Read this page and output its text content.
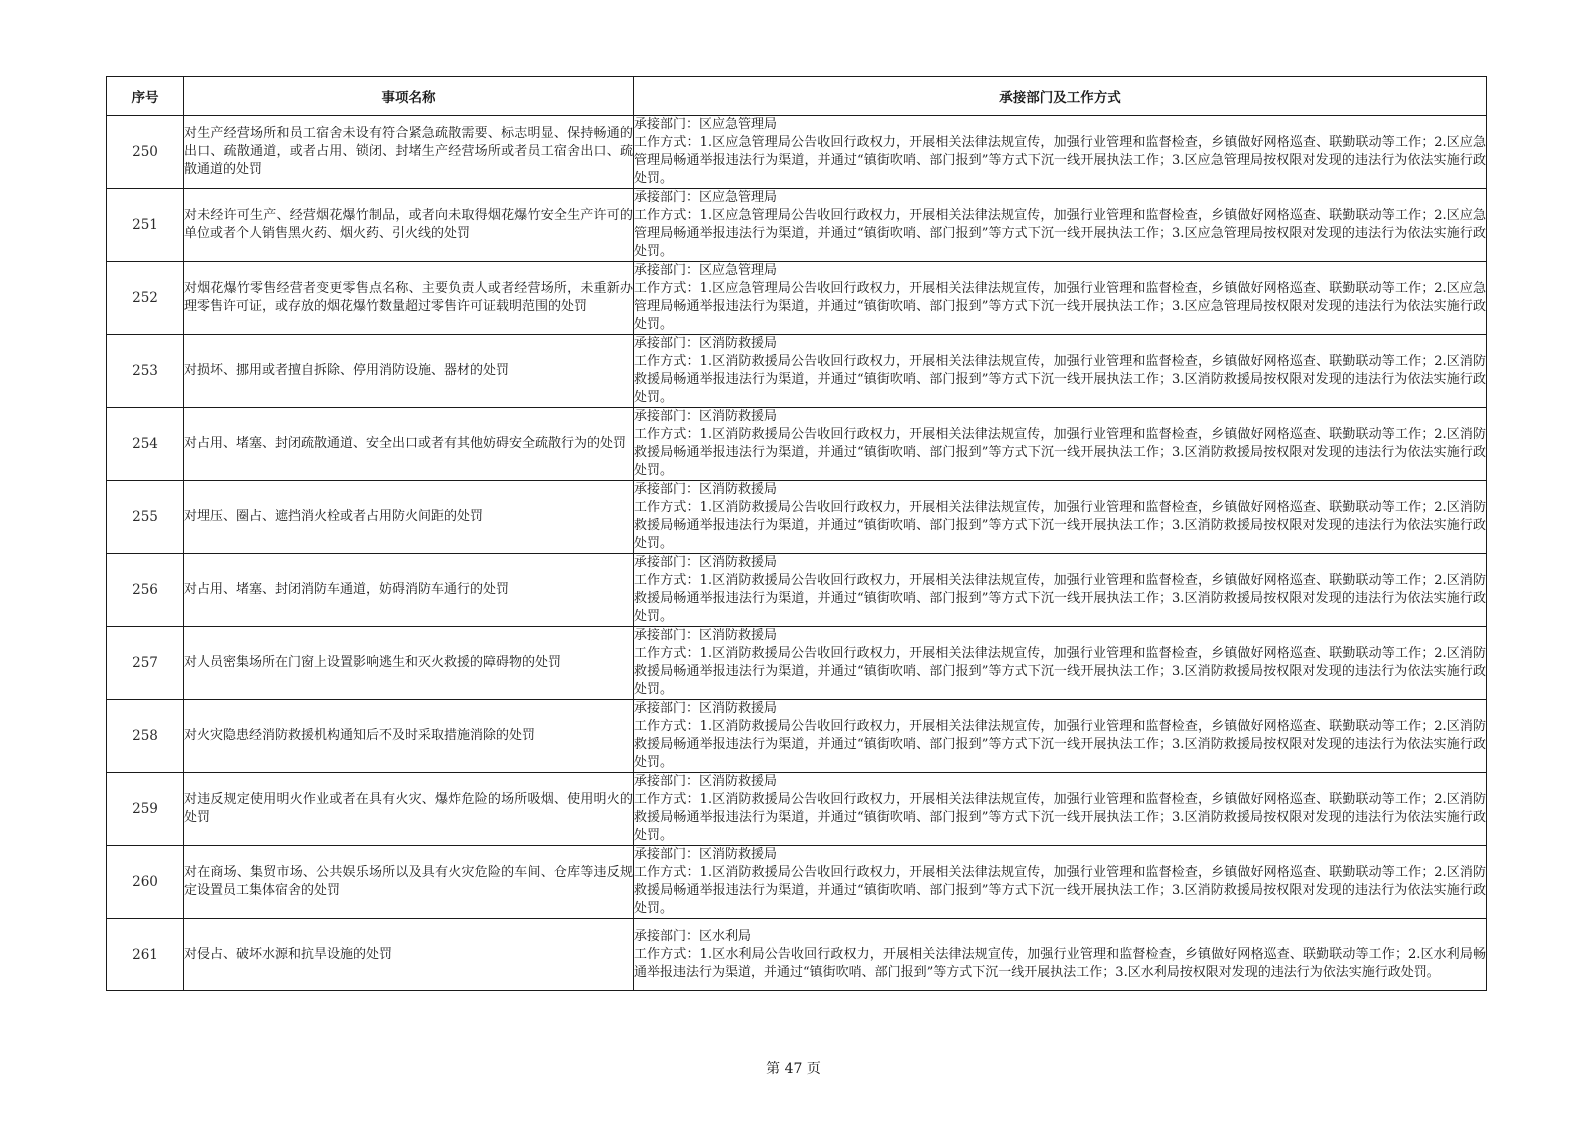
序号	事项名称	承接部门及工作方式
250	对生产经营场所和员工宿舍未设有符合紧急疏散需要、标志明显、保持畅通的出口、疏散通道，或者占用、锁闭、封堵生产经营场所或者员工宿舍出口、疏散通道的处罚	承接部门：区应急管理局
工作方式：1.区应急管理局公告收回行政权力，开展相关法律法规宣传，加强行业管理和监督检查，乡镇做好网格巡查、联勤联动等工作；2.区应急管理局畅通举报违法行为渠道，并通过“镇街吹哨、部门报到”等方式下沉一线开展执法工作；3.区应急管理局按权限对发现的违法行为依法实施行政处罚。

251	对未经许可生产、经营烟花爆竹制品，或者向未取得烟花爆竹安全生产许可的单位或者个人销售黑火药、烟火药、引火线的处罚	承接部门：区应急管理局
工作方式：1.区应急管理局公告收回行政权力，开展相关法律法规宣传，加强行业管理和监督检查，乡镇做好网格巡查、联勤联动等工作；2.区应急管理局畅通举报违法行为渠道，并通过“镇街吹哨、部门报到”等方式下沉一线开展执法工作；3.区应急管理局按权限对发现的违法行为依法实施行政处罚。

252	对烟花爆竹零售经营者变更零售点名称、主要负责人或者经营场所，未重新办理零售许可证，或存放的烟花爆竹数量超过零售许可证载明范围的处罚	承接部门：区应急管理局
工作方式：1.区应急管理局公告收回行政权力，开展相关法律法规宣传，加强行业管理和监督检查，乡镇做好网格巡查、联勤联动等工作；2.区应急管理局畅通举报违法行为渠道，并通过“镇街吹哨、部门报到”等方式下沉一线开展执法工作；3.区应急管理局按权限对发现的违法行为依法实施行政处罚。

253	对损坏、挪用或者擅自拆除、停用消防设施、器材的处罚	承接部门：区消防救援局
工作方式：1.区消防救援局公告收回行政权力，开展相关法律法规宣传，加强行业管理和监督检查，乡镇做好网格巡查、联勤联动等工作；2.区消防救援局畅通举报违法行为渠道，并通过“镇街吹哨、部门报到”等方式下沉一线开展执法工作；3.区消防救援局按权限对发现的违法行为依法实施行政处罚。

254	对占用、堵塞、封闭疏散通道、安全出口或者有其他妨碍安全疏散行为的处罚	承接部门：区消防救援局
工作方式：1.区消防救援局公告收回行政权力，开展相关法律法规宣传，加强行业管理和监督检查，乡镇做好网格巡查、联勤联动等工作；2.区消防救援局畅通举报违法行为渠道，并通过“镇街吹哨、部门报到”等方式下沉一线开展执法工作；3.区消防救援局按权限对发现的违法行为依法实施行政处罚。

255	对埋压、圈占、遮挡消火栓或者占用防火间距的处罚	承接部门：区消防救援局
工作方式：1.区消防救援局公告收回行政权力，开展相关法律法规宣传，加强行业管理和监督检查，乡镇做好网格巡查、联勤联动等工作；2.区消防救援局畅通举报违法行为渠道，并通过“镇街吹哨、部门报到”等方式下沉一线开展执法工作；3.区消防救援局按权限对发现的违法行为依法实施行政处罚。

256	对占用、堵塞、封闭消防车通道，妨碍消防车通行的处罚	承接部门：区消防救援局
工作方式：1.区消防救援局公告收回行政权力，开展相关法律法规宣传，加强行业管理和监督检查，乡镇做好网格巡查、联勤联动等工作；2.区消防救援局畅通举报违法行为渠道，并通过“镇街吹哨、部门报到”等方式下沉一线开展执法工作；3.区消防救援局按权限对发现的违法行为依法实施行政处罚。

257	对人员密集场所在门窗上设置影响逃生和灭火救援的障碍物的处罚	承接部门：区消防救援局
工作方式：1.区消防救援局公告收回行政权力，开展相关法律法规宣传，加强行业管理和监督检查，乡镇做好网格巡查、联勤联动等工作；2.区消防救援局畅通举报违法行为渠道，并通过“镇街吹哨、部门报到”等方式下沉一线开展执法工作；3.区消防救援局按权限对发现的违法行为依法实施行政处罚。

258	对火灾隐患经消防救援机构通知后不及时采取措施消除的处罚	承接部门：区消防救援局
工作方式：1.区消防救援局公告收回行政权力，开展相关法律法规宣传，加强行业管理和监督检查，乡镇做好网格巡查、联勤联动等工作；2.区消防救援局畅通举报违法行为渠道，并通过“镇街吹哨、部门报到”等方式下沉一线开展执法工作；3.区消防救援局按权限对发现的违法行为依法实施行政处罚。

259	对违反规定使用明火作业或者在具有火灾、爆炸危险的场所吸烟、使用明火的处罚	承接部门：区消防救援局
工作方式：1.区消防救援局公告收回行政权力，开展相关法律法规宣传，加强行业管理和监督检查，乡镇做好网格巡查、联勤联动等工作；2.区消防救援局畅通举报违法行为渠道，并通过“镇街吹哨、部门报到”等方式下沉一线开展执法工作；3.区消防救援局按权限对发现的违法行为依法实施行政处罚。

260	对在商场、集贸市场、公共娱乐场所以及具有火灾危险的车间、仓库等违反规定设置员工集体宿舍的处罚	承接部门：区消防救援局
工作方式：1.区消防救援局公告收回行政权力，开展相关法律法规宣传，加强行业管理和监督检查，乡镇做好网格巡查、联勤联动等工作；2.区消防救援局畅通举报违法行为渠道，并通过“镇街吹哨、部门报到”等方式下沉一线开展执法工作；3.区消防救援局按权限对发现的违法行为依法实施行政处罚。

261	对侵占、破坏水源和抗旱设施的处罚	承接部门：区水利局
工作方式：1.区水利局公告收回行政权力，开展相关法律法规宣传，加强行业管理和监督检查，乡镇做好网格巡查、联勤联动等工作；2.区水利局畅通举报违法行为渠道，并通过“镇街吹哨、部门报到”等方式下沉一线开展执法工作；3.区水利局按权限对发现的违法行为依法实施行政处罚。
第 47 页
